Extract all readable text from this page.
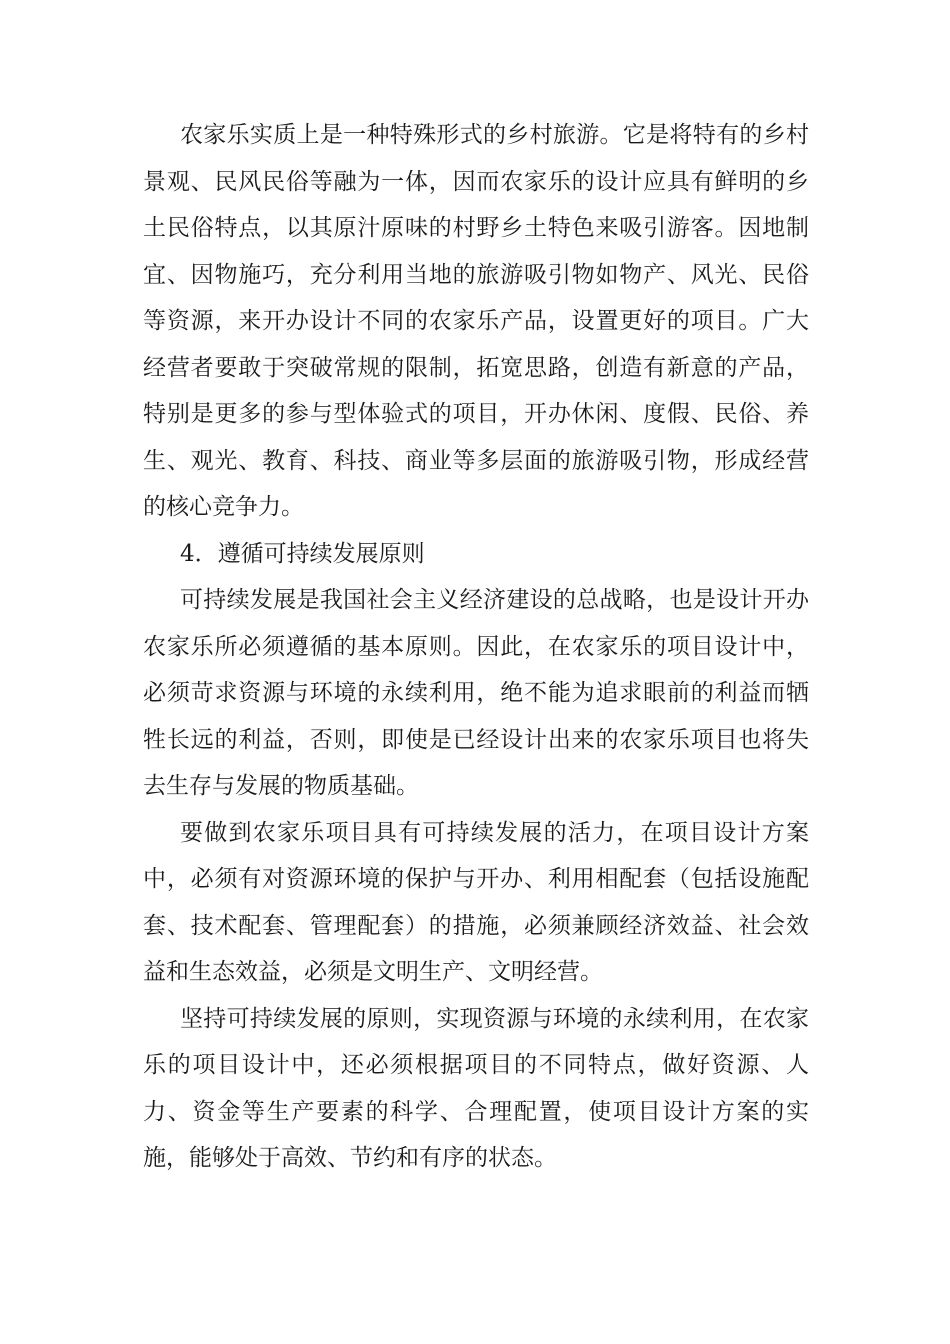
农家乐实质上是一种特殊形式的乡村旅游。它是将特有的乡村景观、民风民俗等融为一体，因而农家乐的设计应具有鲜明的乡土民俗特点，以其原汁原味的村野乡土特色来吸引游客。因地制宜、因物施巧，充分利用当地的旅游吸引物如物产、风光、民俗等资源，来开办设计不同的农家乐产品，设置更好的项目。广大经营者要敢于突破常规的限制，拓宽思路，创造有新意的产品，特别是更多的参与型体验式的项目，开办休闲、度假、民俗、养生、观光、教育、科技、商业等多层面的旅游吸引物，形成经营的核心竞争力。

4．遵循可持续发展原则

可持续发展是我国社会主义经济建设的总战略，也是设计开办农家乐所必须遵循的基本原则。因此，在农家乐的项目设计中，必须苛求资源与环境的永续利用，绝不能为追求眼前的利益而牺牲长远的利益，否则，即使是已经设计出来的农家乐项目也将失去生存与发展的物质基础。

要做到农家乐项目具有可持续发展的活力，在项目设计方案中，必须有对资源环境的保护与开办、利用相配套（包括设施配套、技术配套、管理配套）的措施，必须兼顾经济效益、社会效益和生态效益，必须是文明生产、文明经营。

坚持可持续发展的原则，实现资源与环境的永续利用，在农家乐的项目设计中，还必须根据项目的不同特点，做好资源、人力、资金等生产要素的科学、合理配置，使项目设计方案的实施，能够处于高效、节约和有序的状态。
